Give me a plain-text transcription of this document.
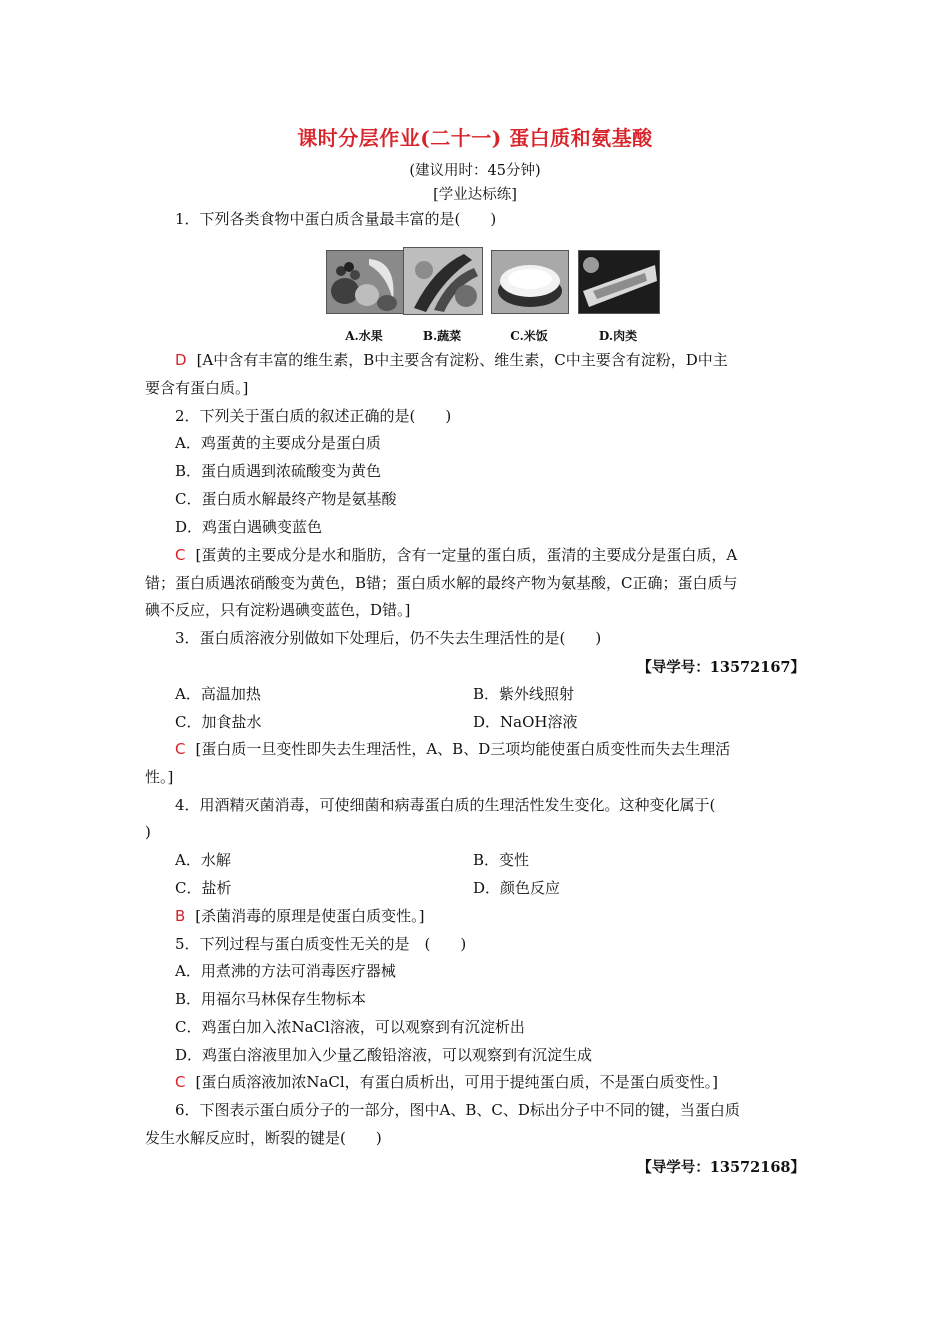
课时分层作业(二十一) 蛋白质和氨基酸
(建议用时：45分钟)
[学业达标练]
1．下列各类食物中蛋白质含量最丰富的是(　　)
A.水果	B.蔬菜	C.米饭	D.肉类
D [A中含有丰富的维生素，B中主要含有淀粉、维生素，C中主要含有淀粉，D中主
要含有蛋白质。]
2．下列关于蛋白质的叙述正确的是(　　)
A．鸡蛋黄的主要成分是蛋白质
B．蛋白质遇到浓硫酸变为黄色
C．蛋白质水解最终产物是氨基酸
D．鸡蛋白遇碘变蓝色
C [蛋黄的主要成分是水和脂肪，含有一定量的蛋白质，蛋清的主要成分是蛋白质，A
错；蛋白质遇浓硝酸变为黄色，B错；蛋白质水解的最终产物为氨基酸，C正确；蛋白质与
碘不反应，只有淀粉遇碘变蓝色，D错。]
3．蛋白质溶液分别做如下处理后，仍不失去生理活性的是(　　)
【导学号：13572167】
A．高温加热	B．紫外线照射
C．加食盐水	D．NaOH溶液
C [蛋白质一旦变性即失去生理活性，A、B、D三项均能使蛋白质变性而失去生理活
性。]
4．用酒精灭菌消毒，可使细菌和病毒蛋白质的生理活性发生变化。这种变化属于(
)
A．水解	B．变性
C．盐析	D．颜色反应
B [杀菌消毒的原理是使蛋白质变性。]
5．下列过程与蛋白质变性无关的是　(　　)
A．用煮沸的方法可消毒医疗器械
B．用福尔马林保存生物标本
C．鸡蛋白加入浓NaCl溶液，可以观察到有沉淀析出
D．鸡蛋白溶液里加入少量乙酸铅溶液，可以观察到有沉淀生成
C [蛋白质溶液加浓NaCl，有蛋白质析出，可用于提纯蛋白质，不是蛋白质变性。]
6．下图表示蛋白质分子的一部分，图中A、B、C、D标出分子中不同的键，当蛋白质
发生水解反应时，断裂的键是(　　)
【导学号：13572168】
